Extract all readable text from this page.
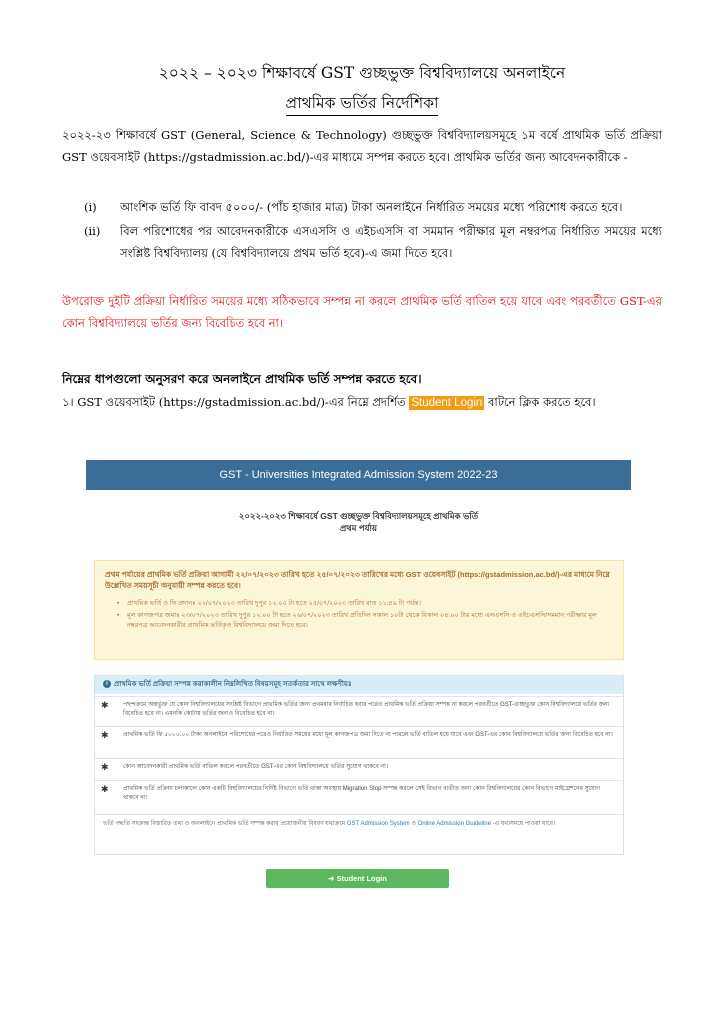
২০২২ – ২০২৩ শিক্ষাবর্ষে GST গুচ্ছভুক্ত বিশ্ববিদ্যালয়ে অনলাইনে
প্রাথমিক ভর্তির নির্দেশিকা
২০২২-২৩ শিক্ষাবর্ষে GST (General, Science & Technology) গুচ্ছভুক্ত বিশ্ববিদ্যালয়সমূহে ১ম বর্ষে প্রাথমিক ভর্তি প্রক্রিয়া GST ওয়েবসাইট (https://gstadmission.ac.bd/)-এর মাধ্যমে সম্পন্ন করতে হবে। প্রাথমিক ভর্তির জন্য আবেদনকারীকে -
(i) আংশিক ভর্তি ফি বাবদ ৫০০০/- (পাঁচ হাজার মাত্র) টাকা অনলাইনে নির্ধারিত সময়ের মধ্যে পরিশোধ করতে হবে।
(ii) বিল পরিশোধের পর আবেদনকারীকে এসএসসি ও এইচএসসি বা সমমান পরীক্ষার মূল নম্বরপত্র নির্ধারিত সময়ের মধ্যে সংশ্লিষ্ট বিশ্ববিদ্যালয় (যে বিশ্ববিদ্যালয়ে প্রথম ভর্তি হবে)-এ জমা দিতে হবে।
উপরোক্ত দুইটি প্রক্রিয়া নির্ধারিত সময়ের মধ্যে সঠিকভাবে সম্পন্ন না করলে প্রাথমিক ভর্তি বাতিল হয়ে যাবে এবং পরবর্তীতে GST-এর কোন বিশ্ববিদ্যালয়ে ভর্তির জন্য বিবেচিত হবে না।
নিম্নের ধাপগুলো অনুসরণ করে অনলাইনে প্রাথমিক ভর্তি সম্পন্ন করতে হবে।
১। GST ওয়েবসাইট (https://gstadmission.ac.bd/)-এর নিম্নে প্রদর্শিত Student Login বাটনে ক্লিক করতে হবে।
GST - Universities Integrated Admission System 2022-23
২০২২-২০২৩ শিক্ষাবর্ষে GST গুচ্ছভুক্ত বিশ্ববিদ্যালয়সমূহে প্রাথমিক ভর্তি
প্রথম পর্যায়
প্রথম পর্যায়ের প্রাথমিক ভর্তি প্রক্রিয়া আগামী ২২/০৭/২০২৩ তারিখ হতে ২৫/০৭/২০২৩ তারিখের মধ্যে GST ওয়েবসাইট (https://gstadmission.ac.bd/)-এর মাধ্যমে নিম্নে উল্লেখিত সময়সূচী অনুযায়ী সম্পন্ন করতে হবে।
• প্রাথমিক ভর্তি ও ফি প্রদানঃ ২২/০৭/২০২৩ তারিখ দুপুর ১২:০০ টা হতে ২৫/০৭/২০২৩ তারিখ রাত ১১:৫৯ টা পর্যন্ত।
• মূল কাগজপত্র জমাঃ ২৩/০৭/২০২৩ তারিখ দুপুর ১২:০০ টা হতে ২৬/০৭/২০২৩ তারিখ প্রতিদিন সকাল ১০টা থেকে বিকাল ০৪:০০ টার মধ্যে এসএসসি ও এইচএসসি/সমমান পরীক্ষার মূল নম্বরপত্র আবেদনকারীর প্রাথমিক ভর্তিকৃত বিশ্ববিদ্যালয়ে জমা দিতে হবে।
i প্রাথমিক ভর্তি প্রক্রিয়া সম্পন্ন করাকালীন নিম্নলিখিত বিষয়সমূহ সতর্কতার সাথে লক্ষণীয়ঃ
✱ পছন্দক্রমে অন্তর্ভুক্ত যে কোন বিশ্ববিদ্যালয়ের সংশ্লিষ্ট বিভাগে প্রাথমিক ভর্তির জন্য প্রথমবার নির্বাচিত হবার পরেও প্রাথমিক ভর্তি প্রক্রিয়া সম্পন্ন না করলে পরবর্তীতে GST-গুচ্ছভুক্ত কোন বিশ্ববিদ্যালয়ে ভর্তির জন্য বিবেচিত হবে না। এমনকি কোটায় ভর্তির জন্যও বিবেচিত হবে না।
✱ প্রাথমিক ভর্তি ফি ৫০০০.০০ টাকা অনলাইনে পরিশোধের পরেও নির্ধারিত সময়ের মধ্যে মূল কাগজপত্র জমা দিতে না পারলে ভর্তি বাতিল হয়ে যাবে এবং GST-এর কোন বিশ্ববিদ্যালয়ে ভর্তির জন্য বিবেচিত হবে না।
✱ কোন আবেদনকারী প্রাথমিক ভর্তি বাতিল করলে পরবর্তীতে GST-এর কোন বিশ্ববিদ্যালয়ে ভর্তির সুযোগ থাকবে না।
✱ প্রাথমিক ভর্তি প্রক্রিয়া চলাকালে কোন একটি বিশ্ববিদ্যালয়ের নির্দিষ্ট বিভাগে ভর্তি থাকা অবস্থায় Migration Stop সম্পন্ন করলে সেই বিভাগ ব্যতীত অন্য কোন বিশ্ববিদ্যালয়ের কোন বিভাগে মাইগ্রেশনের সুযোগ থাকবে না।
ভর্তি পদ্ধতি সংক্রান্ত বিস্তারিত তথ্য ও অনলাইনে প্রাথমিক ভর্তি সম্পন্ন করার প্রয়োজনীয় বিবরণ যথাক্রমে GST Admission System ও Online Admission Guideline -এ যথাসময়ে পাওয়া যাবে।
➜ Student Login
